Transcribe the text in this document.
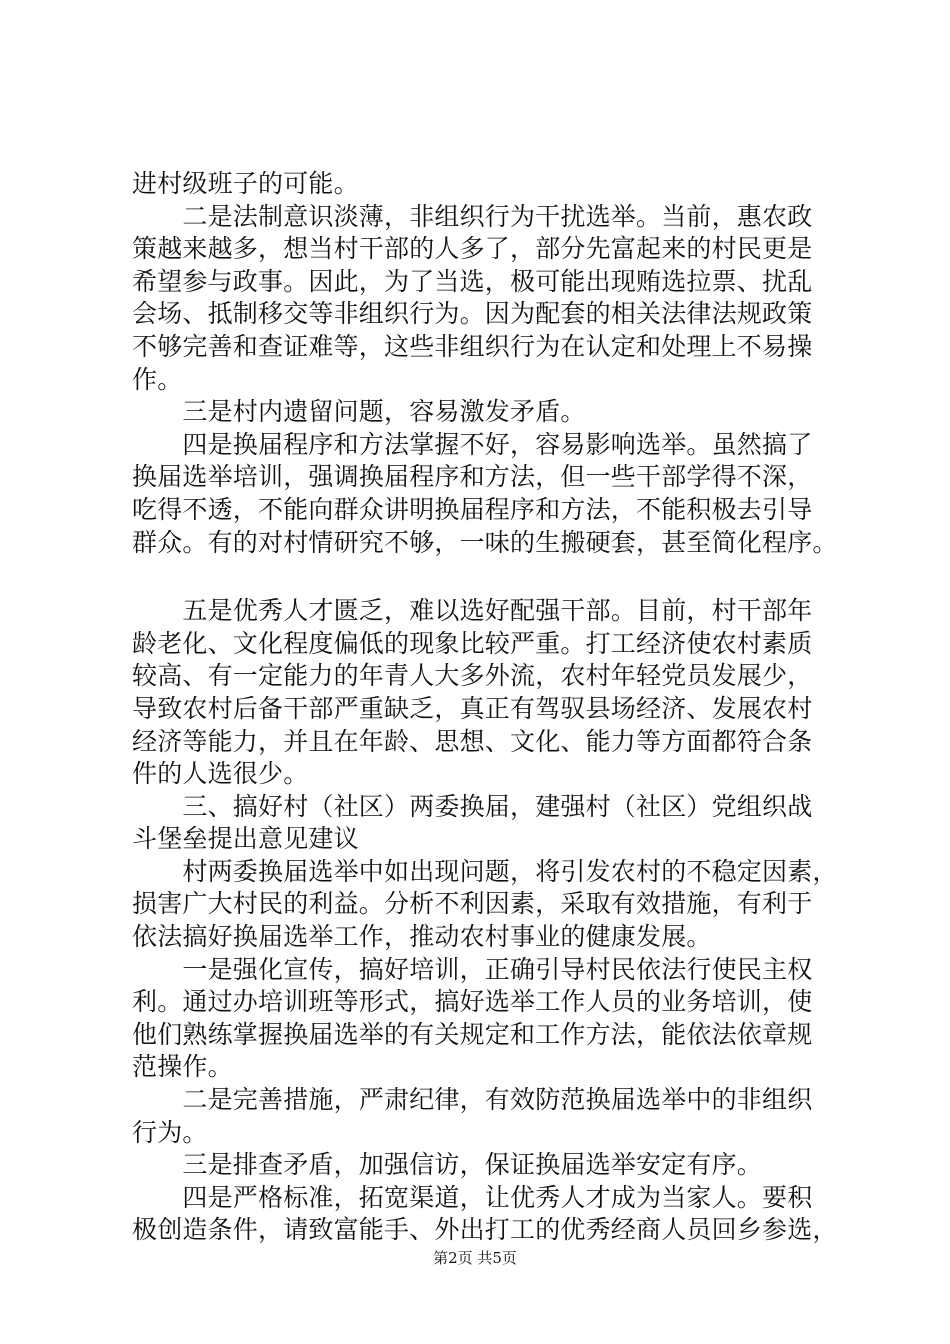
进村级班子的可能。
　　二是法制意识淡薄，非组织行为干扰选举。当前，惠农政
策越来越多，想当村干部的人多了，部分先富起来的村民更是
希望参与政事。因此，为了当选，极可能出现贿选拉票、扰乱
会场、抵制移交等非组织行为。因为配套的相关法律法规政策
不够完善和查证难等，这些非组织行为在认定和处理上不易操
作。
　　三是村内遗留问题，容易激发矛盾。
　　四是换届程序和方法掌握不好，容易影响选举。虽然搞了
换届选举培训，强调换届程序和方法，但一些干部学得不深，
吃得不透，不能向群众讲明换届程序和方法，不能积极去引导
群众。有的对村情研究不够，一味的生搬硬套，甚至简化程序。
　　五是优秀人才匮乏，难以选好配强干部。目前，村干部年
龄老化、文化程度偏低的现象比较严重。打工经济使农村素质
较高、有一定能力的年青人大多外流，农村年轻党员发展少，
导致农村后备干部严重缺乏，真正有驾驭县场经济、发展农村
经济等能力，并且在年龄、思想、文化、能力等方面都符合条
件的人选很少。
　　三、搞好村（社区）两委换届，建强村（社区）党组织战
斗堡垒提出意见建议
　　村两委换届选举中如出现问题，将引发农村的不稳定因素，
损害广大村民的利益。分析不利因素，采取有效措施，有利于
依法搞好换届选举工作，推动农村事业的健康发展。
　　一是强化宣传，搞好培训，正确引导村民依法行使民主权
利。通过办培训班等形式，搞好选举工作人员的业务培训，使
他们熟练掌握换届选举的有关规定和工作方法，能依法依章规
范操作。
　　二是完善措施，严肃纪律，有效防范换届选举中的非组织
行为。
　　三是排查矛盾，加强信访，保证换届选举安定有序。
　　四是严格标准，拓宽渠道，让优秀人才成为当家人。要积
极创造条件，请致富能手、外出打工的优秀经商人员回乡参选，
第2页 共5页
